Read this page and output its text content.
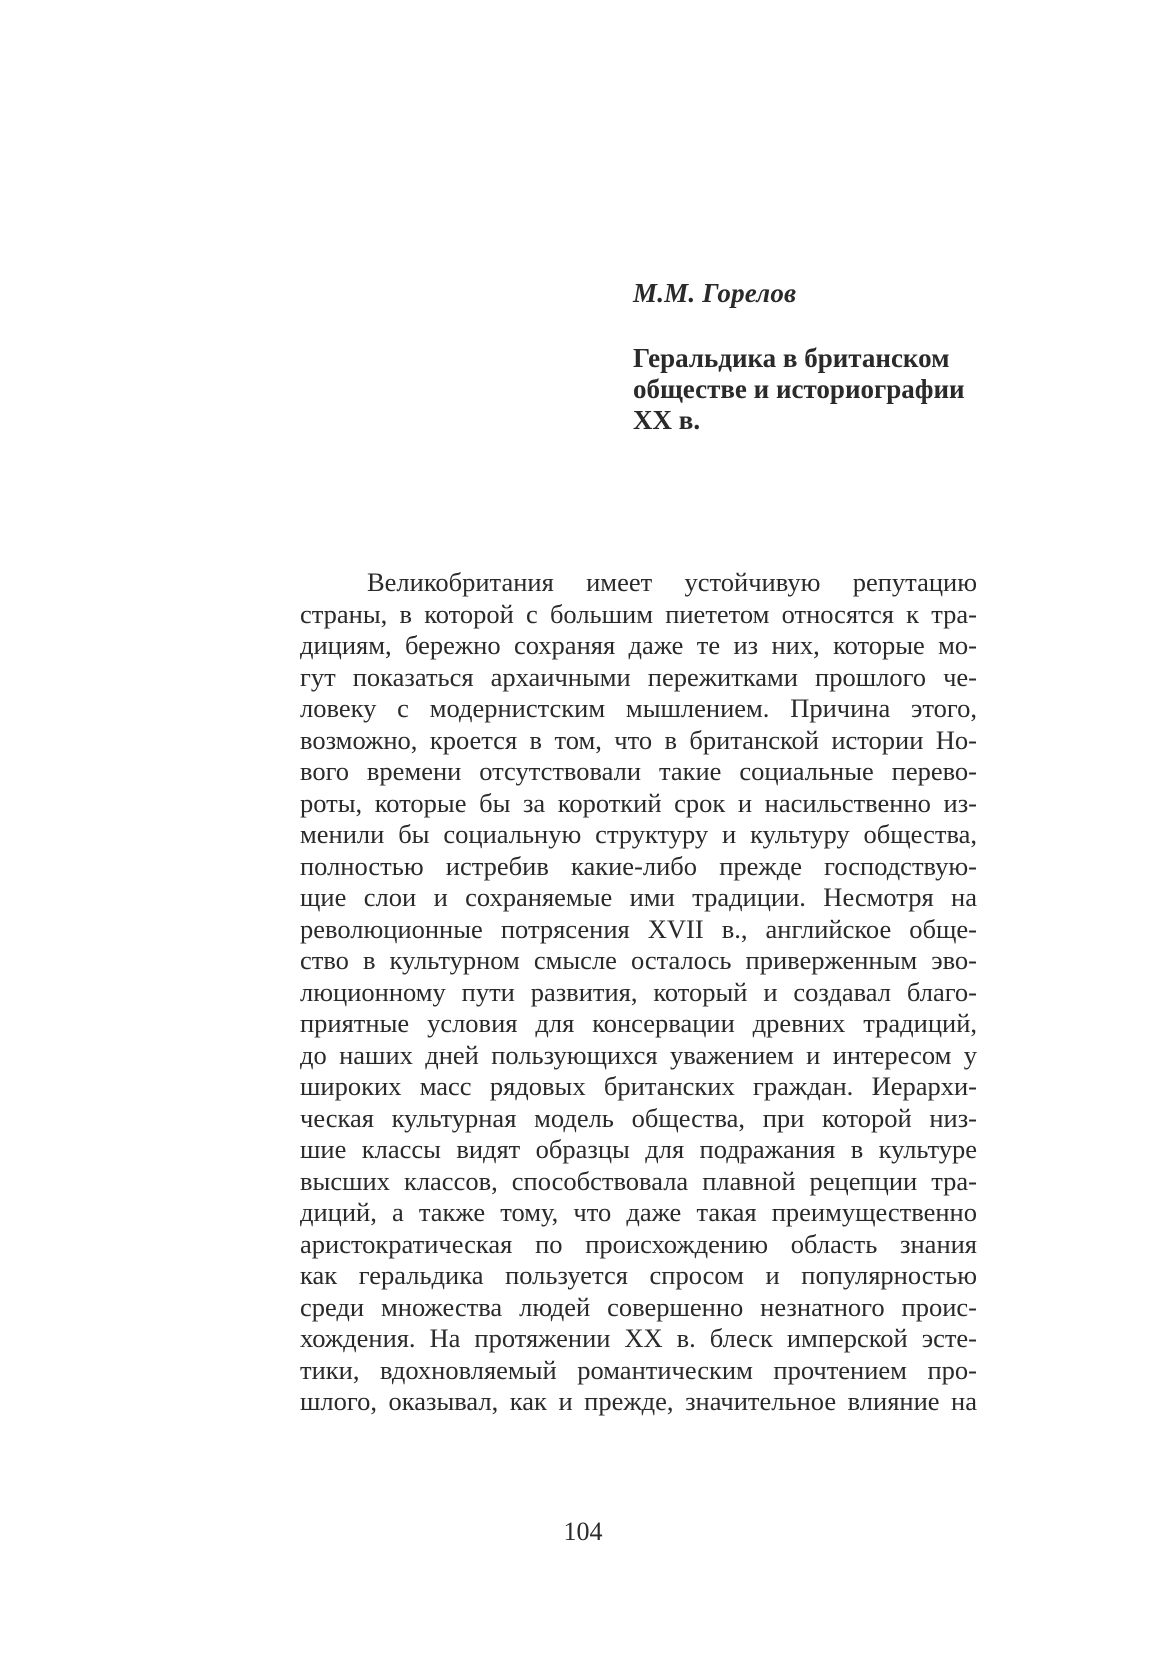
М.М. Горелов
Геральдика в британском
обществе и историографии
XX в.
Великобритания имеет устойчивую репутацию
страны, в которой с большим пиететом относятся к тра-
дициям, бережно сохраняя даже те из них, которые мо-
гут показаться архаичными пережитками прошлого че-
ловеку с модернистским мышлением. Причина этого,
возможно, кроется в том, что в британской истории Но-
вого времени отсутствовали такие социальные перево-
роты, которые бы за короткий срок и насильственно из-
менили бы социальную структуру и культуру общества,
полностью истребив какие-либо прежде господствую-
щие слои и сохраняемые ими традиции. Несмотря на
революционные потрясения XVII в., английское обще-
ство в культурном смысле осталось приверженным эво-
люционному пути развития, который и создавал благо-
приятные условия для консервации древних традиций,
до наших дней пользующихся уважением и интересом у
широких масс рядовых британских граждан. Иерархи-
ческая культурная модель общества, при которой низ-
шие классы видят образцы для подражания в культуре
высших классов, способствовала плавной рецепции тра-
диций, а также тому, что даже такая преимущественно
аристократическая по происхождению область знания
как геральдика пользуется спросом и популярностью
среди множества людей совершенно незнатного проис-
хождения. На протяжении XX в. блеск имперской эсте-
тики, вдохновляемый романтическим прочтением про-
шлого, оказывал, как и прежде, значительное влияние на
104
